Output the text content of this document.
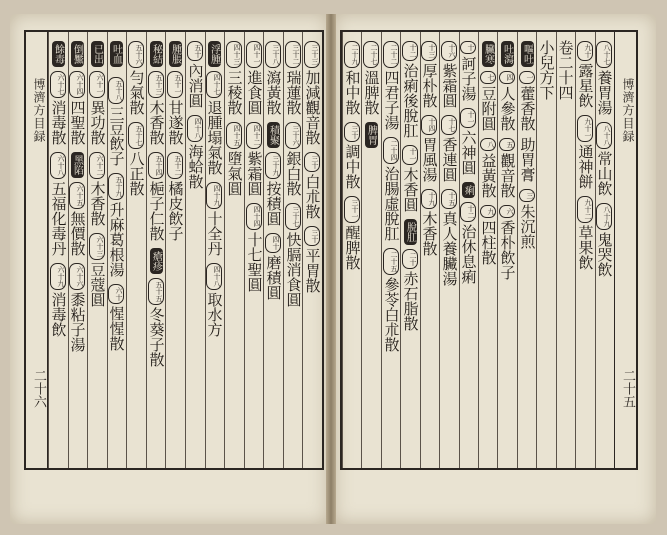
博濟方目録
二十六
三十三
加減觀音散
三十
白朮散
三十
平胃散
三十二
瑞蓮散
三十六
銀白散
三十七
快膈消食圓
三十八
瀉黃散
積聚
三十九
按積圓
四十
磨積圓
四十一
進食圓
四十二
紫霜圓
四十四
十七聖圓
四十三
三稜散
四十五
墮氣圓
浮腫
四十七
退腫塌氣散
四十九
十全丹
四十八
取水方
五十
內消圓
四十八
海蛤散
腫脹
五十一
甘遂散
五十二
橘皮飲子
秘結
五十三
木香散
五十四
梔子仁散
瘡疹
五十五
冬葵子散
五十六
勻氣散
五十七
八正散
吐血
五十八
三豆飲子
五十九
升麻葛根湯
六十
惺惺散
已出
六十一
異功散
六十二
木香散
六十三
豆蔻圓
倒黶
六十四
四聖散
黑陷
六十五
無價散
六十六
黍粘子湯
餘毒
六十七
消毒散
六十八
五福化毒丹
六十九
消毒飲
博濟方目録
二十五
八十七
養胃湯
八十八
常山飲
八十九
鬼哭飲
九十
露星飲
九十一
通神餅
九十二
草果飲
卷二十四
小兒方下
嘔吐
一
藿香散
助胃膏
三
朱沉煎
吐瀉
四
人參散
五
觀音散
六
香朴飲子
臟寒
七
豆附圓
八
益黃散
九
四柱散
十
訶子湯
十一
六神圓
痢
十二
治休息痢
十六
紫霜圓
十七
香連圓
十五
真人養臟湯
十三
厚朴散
十四
胃風湯
十九
木香散
十二
治痢後脫肛
十一
木香圓
脫肛
二十
赤石脂散
二十二
四君子湯
二十四
治腸虛脫肛
二十五
參苓白朮散
二十七
溫脾散
脾胃
二十九
和中散
三十
調中散
三十一
醒脾散
